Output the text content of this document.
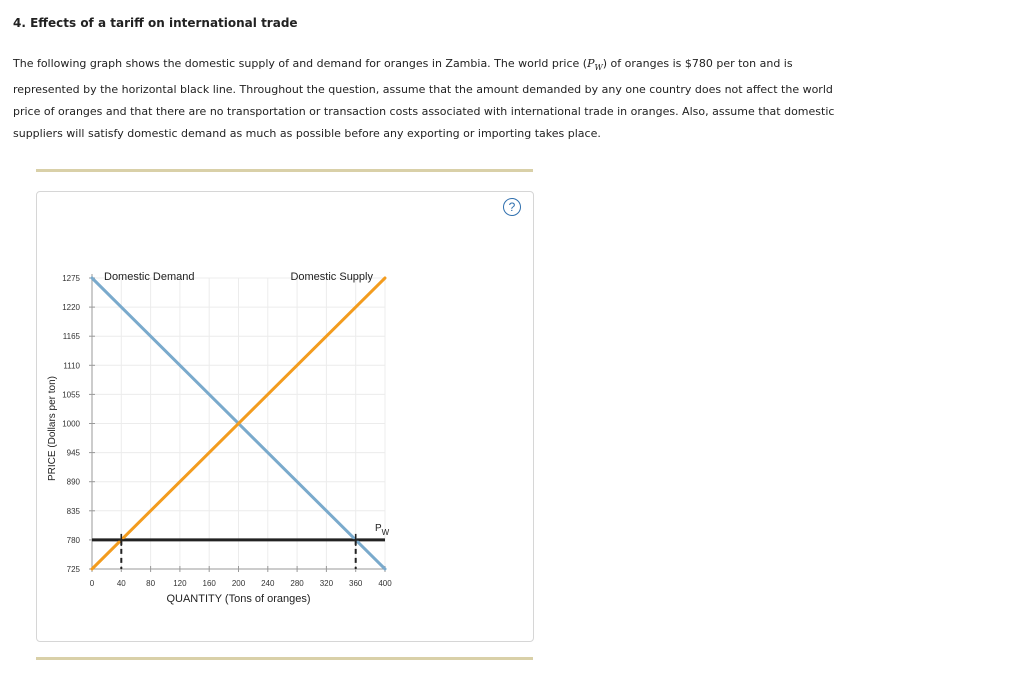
4. Effects of a tariff on international trade

The following graph shows the domestic supply of and demand for oranges in Zambia. The world price $(P_W)$ of oranges is $780 per ton and is represented by the horizontal black line. Throughout the question, assume that the amount demanded by any one country does not affect the world price of oranges and that there are no transportation or transaction costs associated with international trade in oranges. Also, assume that domestic suppliers will satisfy domestic demand as much as possible before any exporting or importing takes place.

?
725
780
835
890
945
1000
1055
1110
1165
1220
1275
0	40	80 120 160 200 240 280 320 360 400
QUANTITY (Tons of oranges)
PRICE (Dollars per ton)
$P_W$
Domestic Demand	Domestic Supply
